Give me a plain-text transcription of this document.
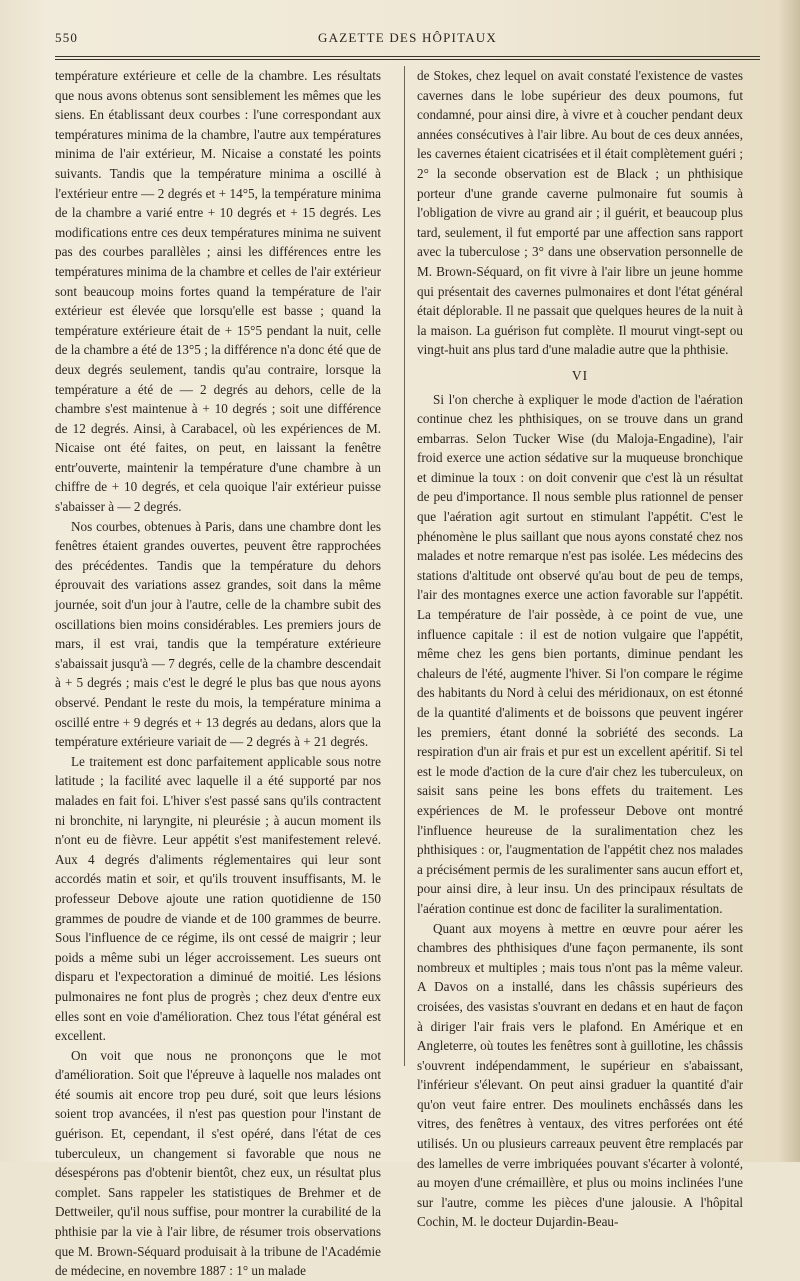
550	GAZETTE DES HÔPITAUX

température extérieure et celle de la chambre. Les résultats que nous avons obtenus sont sensiblement les mêmes que les siens. En établissant deux courbes : l'une correspondant aux températures minima de la chambre, l'autre aux températures minima de l'air extérieur, M. Nicaise a constaté les points suivants. Tandis que la température minima a oscillé à l'extérieur entre — 2 degrés et + 14°5, la température minima de la chambre a varié entre + 10 degrés et + 15 degrés. Les modifications entre ces deux températures minima ne suivent pas des courbes parallèles ; ainsi les différences entre les températures minima de la chambre et celles de l'air extérieur sont beaucoup moins fortes quand la température de l'air extérieur est élevée que lorsqu'elle est basse ; quand la température extérieure était de + 15°5 pendant la nuit, celle de la chambre a été de 13°5 ; la différence n'a donc été que de deux degrés seulement, tandis qu'au contraire, lorsque la température a été de — 2 degrés au dehors, celle de la chambre s'est maintenue à + 10 degrés ; soit une différence de 12 degrés. Ainsi, à Carabacel, où les expériences de M. Nicaise ont été faites, on peut, en laissant la fenêtre entr'ouverte, maintenir la température d'une chambre à un chiffre de + 10 degrés, et cela quoique l'air extérieur puisse s'abaisser à — 2 degrés.

Nos courbes, obtenues à Paris, dans une chambre dont les fenêtres étaient grandes ouvertes, peuvent être rapprochées des précédentes. Tandis que la température du dehors éprouvait des variations assez grandes, soit dans la même journée, soit d'un jour à l'autre, celle de la chambre subit des oscillations bien moins considérables. Les premiers jours de mars, il est vrai, tandis que la température extérieure s'abaissait jusqu'à — 7 degrés, celle de la chambre descendait à + 5 degrés ; mais c'est le degré le plus bas que nous ayons observé. Pendant le reste du mois, la température minima a oscillé entre + 9 degrés et + 13 degrés au dedans, alors que la température extérieure variait de — 2 degrés à + 21 degrés.

Le traitement est donc parfaitement applicable sous notre latitude ; la facilité avec laquelle il a été supporté par nos malades en fait foi. L'hiver s'est passé sans qu'ils contractent ni bronchite, ni laryngite, ni pleurésie ; à aucun moment ils n'ont eu de fièvre. Leur appétit s'est manifestement relevé. Aux 4 degrés d'aliments réglementaires qui leur sont accordés matin et soir, et qu'ils trouvent insuffisants, M. le professeur Debove ajoute une ration quotidienne de 150 grammes de poudre de viande et de 100 grammes de beurre. Sous l'influence de ce régime, ils ont cessé de maigrir ; leur poids a même subi un léger accroissement. Les sueurs ont disparu et l'expectoration a diminué de moitié. Les lésions pulmonaires ne font plus de progrès ; chez deux d'entre eux elles sont en voie d'amélioration. Chez tous l'état général est excellent.

On voit que nous ne prononçons que le mot d'amélioration. Soit que l'épreuve à laquelle nos malades ont été soumis ait encore trop peu duré, soit que leurs lésions soient trop avancées, il n'est pas question pour l'instant de guérison. Et, cependant, il s'est opéré, dans l'état de ces tuberculeux, un changement si favorable que nous ne désespérons pas d'obtenir bientôt, chez eux, un résultat plus complet. Sans rappeler les statistiques de Brehmer et de Dettweiler, qu'il nous suffise, pour montrer la curabilité de la phthisie par la vie à l'air libre, de résumer trois observations que M. Brown-Séquard produisait à la tribune de l'Académie de médecine, en novembre 1887 : 1° un malade

de Stokes, chez lequel on avait constaté l'existence de vastes cavernes dans le lobe supérieur des deux poumons, fut condamné, pour ainsi dire, à vivre et à coucher pendant deux années consécutives à l'air libre. Au bout de ces deux années, les cavernes étaient cicatrisées et il était complètement guéri ; 2° la seconde observation est de Black ; un phthisique porteur d'une grande caverne pulmonaire fut soumis à l'obligation de vivre au grand air ; il guérit, et beaucoup plus tard, seulement, il fut emporté par une affection sans rapport avec la tuberculose ; 3° dans une observation personnelle de M. Brown-Séquard, on fit vivre à l'air libre un jeune homme qui présentait des cavernes pulmonaires et dont l'état général était déplorable. Il ne passait que quelques heures de la nuit à la maison. La guérison fut complète. Il mourut vingt-sept ou vingt-huit ans plus tard d'une maladie autre que la phthisie.

VI

Si l'on cherche à expliquer le mode d'action de l'aération continue chez les phthisiques, on se trouve dans un grand embarras. Selon Tucker Wise (du Maloja-Engadine), l'air froid exerce une action sédative sur la muqueuse bronchique et diminue la toux : on doit convenir que c'est là un résultat de peu d'importance. Il nous semble plus rationnel de penser que l'aération agit surtout en stimulant l'appétit. C'est le phénomène le plus saillant que nous ayons constaté chez nos malades et notre remarque n'est pas isolée. Les médecins des stations d'altitude ont observé qu'au bout de peu de temps, l'air des montagnes exerce une action favorable sur l'appétit. La température de l'air possède, à ce point de vue, une influence capitale : il est de notion vulgaire que l'appétit, même chez les gens bien portants, diminue pendant les chaleurs de l'été, augmente l'hiver. Si l'on compare le régime des habitants du Nord à celui des méridionaux, on est étonné de la quantité d'aliments et de boissons que peuvent ingérer les premiers, étant donné la sobriété des seconds. La respiration d'un air frais et pur est un excellent apéritif. Si tel est le mode d'action de la cure d'air chez les tuberculeux, on saisit sans peine les bons effets du traitement. Les expériences de M. le professeur Debove ont montré l'influence heureuse de la suralimentation chez les phthisiques : or, l'augmentation de l'appétit chez nos malades a précisément permis de les suralimenter sans aucun effort et, pour ainsi dire, à leur insu. Un des principaux résultats de l'aération continue est donc de faciliter la suralimentation.

Quant aux moyens à mettre en œuvre pour aérer les chambres des phthisiques d'une façon permanente, ils sont nombreux et multiples ; mais tous n'ont pas la même valeur. A Davos on a installé, dans les châssis supérieurs des croisées, des vasistas s'ouvrant en dedans et en haut de façon à diriger l'air frais vers le plafond. En Amérique et en Angleterre, où toutes les fenêtres sont à guillotine, les châssis s'ouvrent indépendamment, le supérieur en s'abaissant, l'inférieur s'élevant. On peut ainsi graduer la quantité d'air qu'on veut faire entrer. Des moulinets enchâssés dans les vitres, des fenêtres à ventaux, des vitres perforées ont été utilisés. Un ou plusieurs carreaux peuvent être remplacés par des lamelles de verre imbriquées pouvant s'écarter à volonté, au moyen d'une crémaillère, et plus ou moins inclinées l'une sur l'autre, comme les pièces d'une jalousie. A l'hôpital Cochin, M. le docteur Dujardin-Beau-
